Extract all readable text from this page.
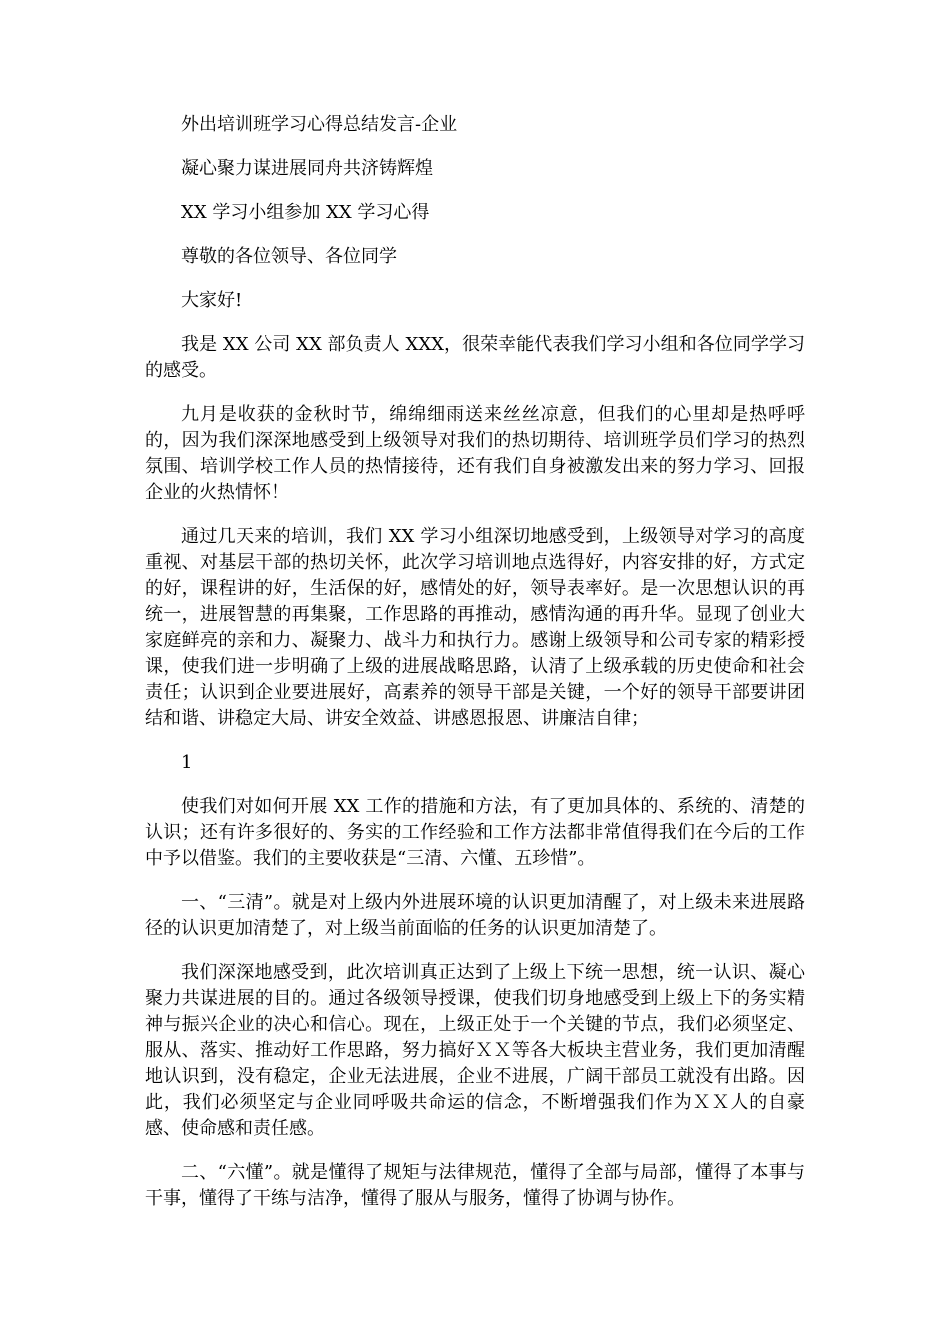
外出培训班学习心得总结发言-企业

凝心聚力谋进展同舟共济铸辉煌

XX 学习小组参加 XX 学习心得

尊敬的各位领导、各位同学

大家好!

我是 XX 公司 XX 部负责人 XXX，很荣幸能代表我们学习小组和各位同学学习的感受。

九月是收获的金秋时节，绵绵细雨送来丝丝凉意，但我们的心里却是热呼呼的，因为我们深深地感受到上级领导对我们的热切期待、培训班学员们学习的热烈氛围、培训学校工作人员的热情接待，还有我们自身被激发出来的努力学习、回报企业的火热情怀！

通过几天来的培训，我们 XX 学习小组深切地感受到，上级领导对学习的高度重视、对基层干部的热切关怀，此次学习培训地点选得好，内容安排的好，方式定的好，课程讲的好，生活保的好，感情处的好，领导表率好。是一次思想认识的再统一，进展智慧的再集聚，工作思路的再推动，感情沟通的再升华。显现了创业大家庭鲜亮的亲和力、凝聚力、战斗力和执行力。感谢上级领导和公司专家的精彩授课，使我们进一步明确了上级的进展战略思路，认清了上级承载的历史使命和社会责任；认识到企业要进展好，高素养的领导干部是关键，一个好的领导干部要讲团结和谐、讲稳定大局、讲安全效益、讲感恩报恩、讲廉洁自律；

1

使我们对如何开展 XX 工作的措施和方法，有了更加具体的、系统的、清楚的认识；还有许多很好的、务实的工作经验和工作方法都非常值得我们在今后的工作中予以借鉴。我们的主要收获是“三清、六懂、五珍惜”。

一、“三清”。就是对上级内外进展环境的认识更加清醒了，对上级未来进展路径的认识更加清楚了，对上级当前面临的任务的认识更加清楚了。

我们深深地感受到，此次培训真正达到了上级上下统一思想，统一认识、凝心聚力共谋进展的目的。通过各级领导授课，使我们切身地感受到上级上下的务实精神与振兴企业的决心和信心。现在，上级正处于一个关键的节点，我们必须坚定、服从、落实、推动好工作思路，努力搞好ＸＸ等各大板块主营业务，我们更加清醒地认识到，没有稳定，企业无法进展，企业不进展，广阔干部员工就没有出路。因此，我们必须坚定与企业同呼吸共命运的信念，不断增强我们作为ＸＸ人的自豪感、使命感和责任感。

二、“六懂”。就是懂得了规矩与法律规范，懂得了全部与局部，懂得了本事与干事，懂得了干练与洁净，懂得了服从与服务，懂得了协调与协作。
